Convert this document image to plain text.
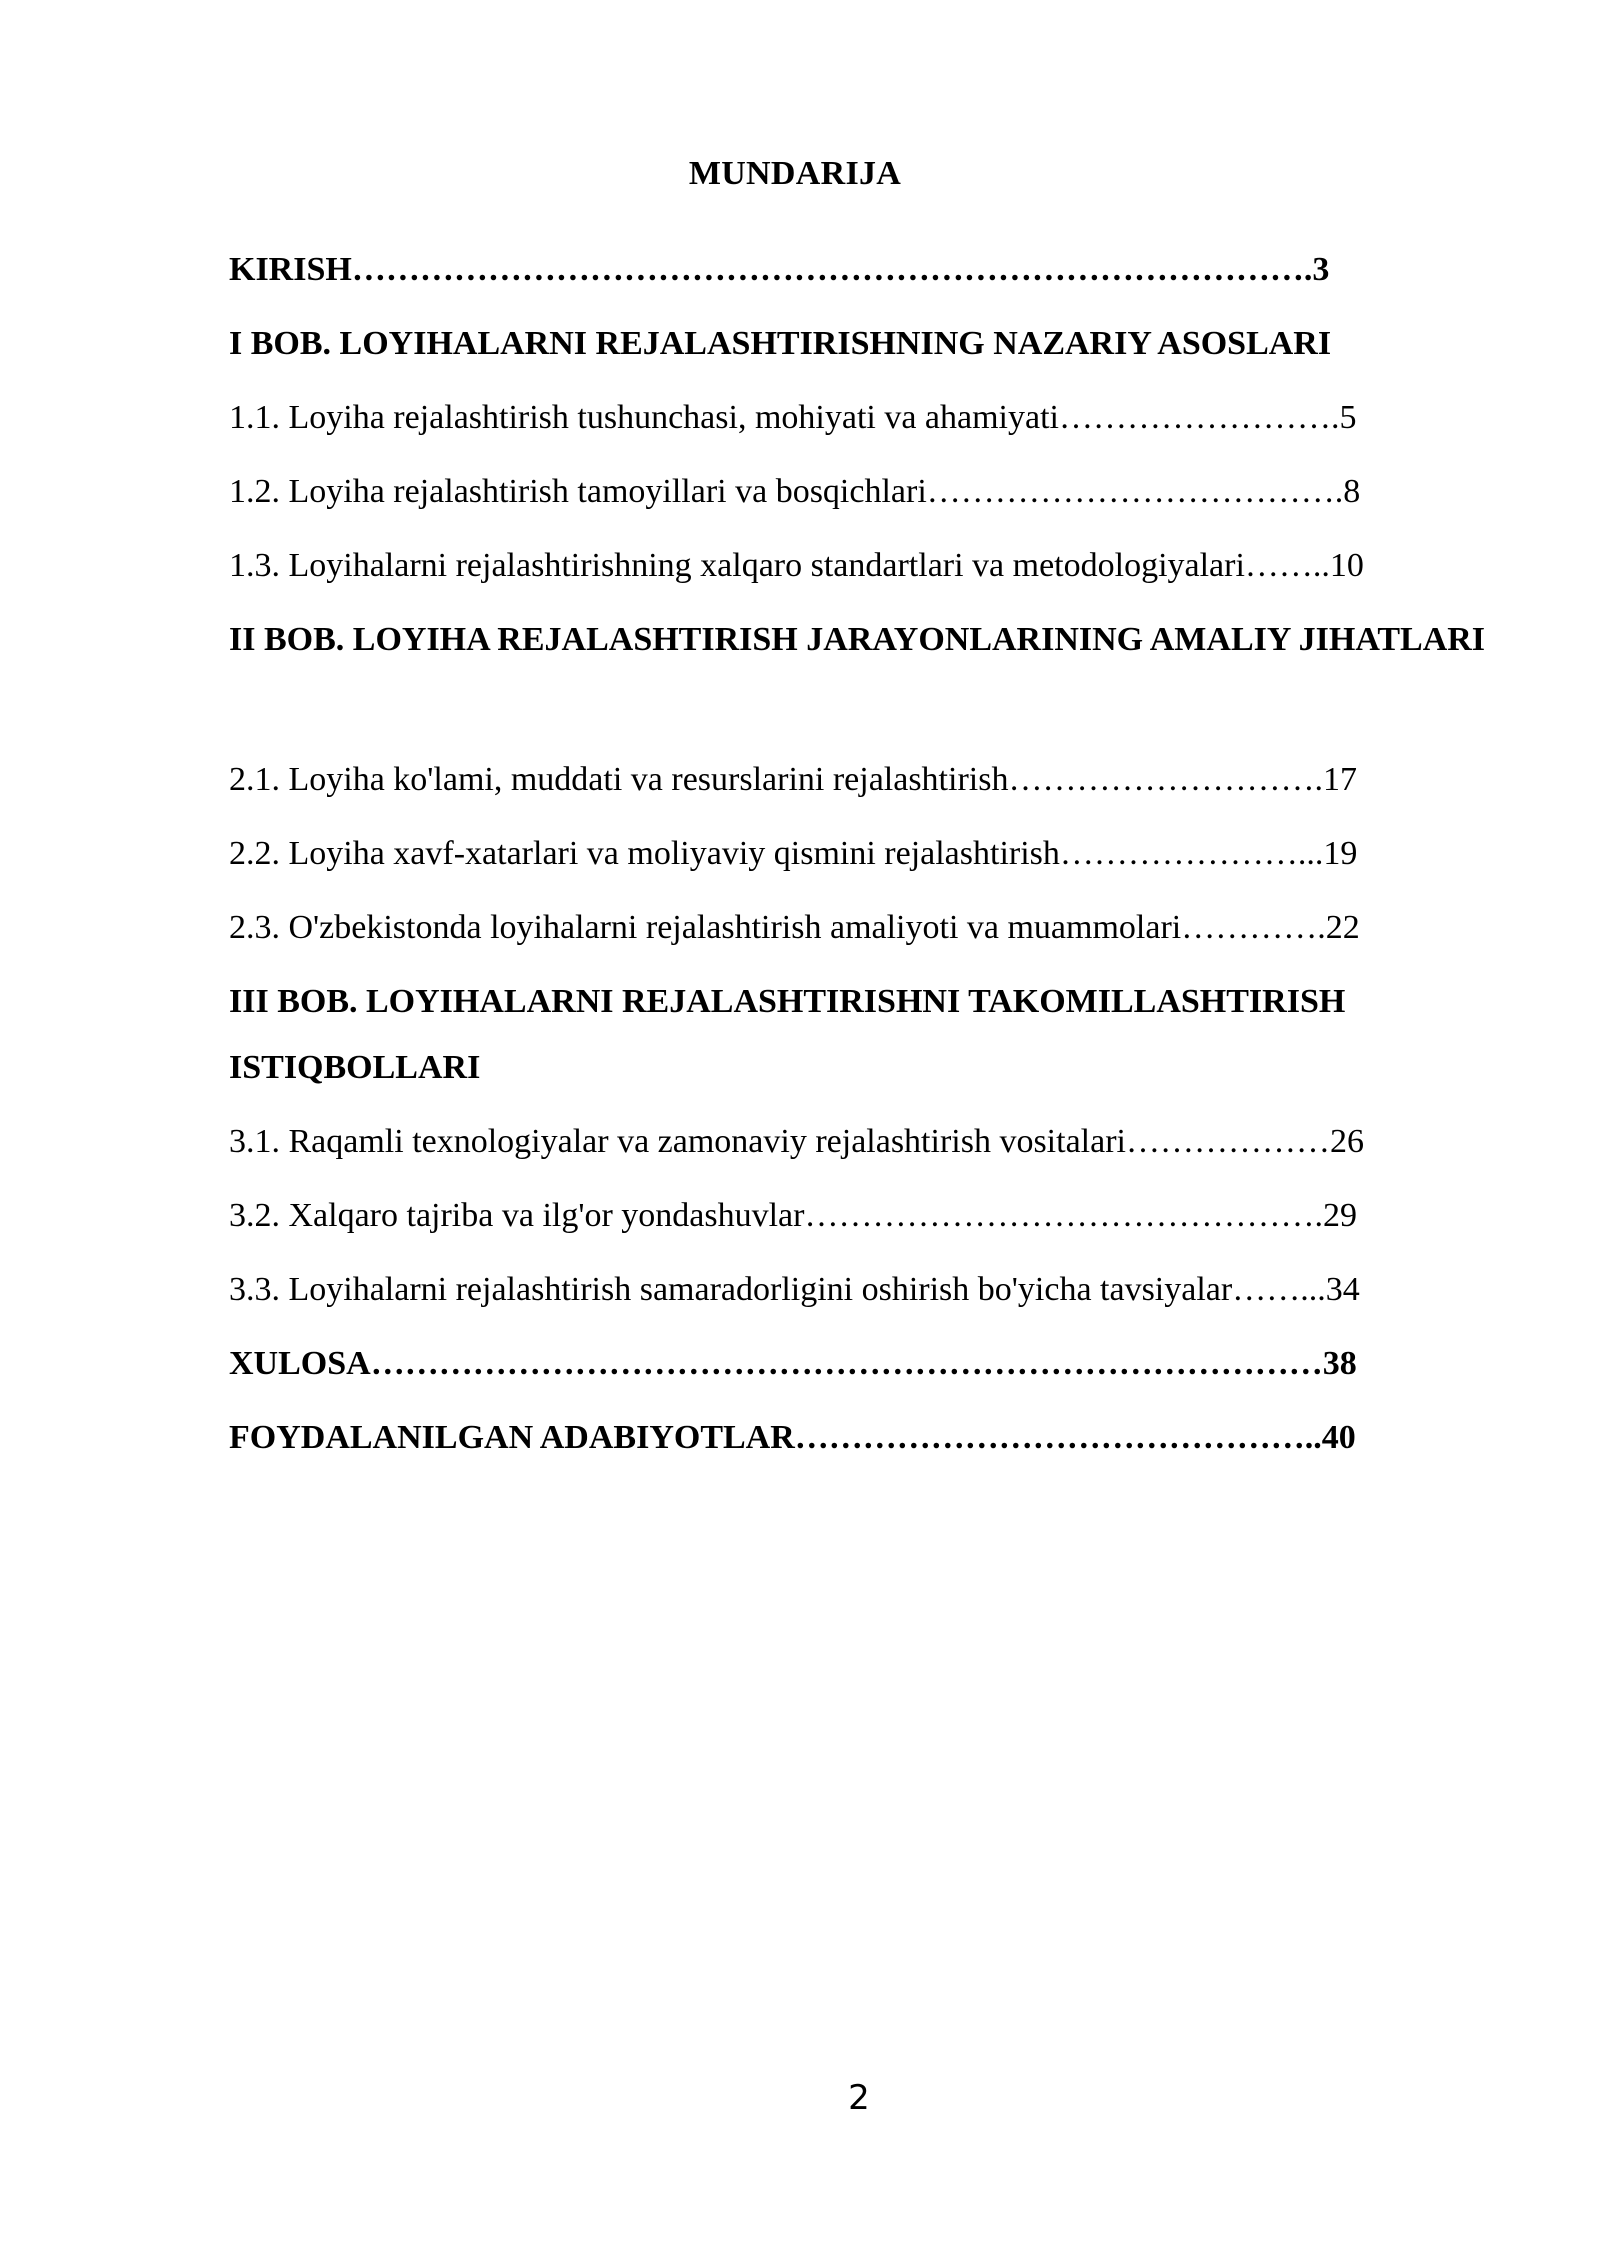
MUNDARIJA
KIRISH………………………………………………………………………….3
I BOB. LOYIHALARNI REJALASHTIRISHNING NAZARIY ASOSLARI
1.1. Loyiha rejalashtirish tushunchasi, mohiyati va ahamiyati…………………….5
1.2. Loyiha rejalashtirish tamoyillari va bosqichlari……………………………….8
1.3. Loyihalarni rejalashtirishning xalqaro standartlari va metodologiyalari……..10
II BOB. LOYIHA REJALASHTIRISH JARAYONLARINING AMALIY JIHATLARI
2.1. Loyiha ko'lami, muddati va resurslarini rejalashtirish……………………….17
2.2. Loyiha xavf-xatarlari va moliyaviy qismini rejalashtirish…………………...19
2.3. O'zbekistonda loyihalarni rejalashtirish amaliyoti va muammolari………….22
III BOB. LOYIHALARNI REJALASHTIRISHNI TAKOMILLASHTIRISH ISTIQBOLLARI
3.1. Raqamli texnologiyalar va zamonaviy rejalashtirish vositalari………………26
3.2. Xalqaro tajriba va ilg'or yondashuvlar……………………………………….29
3.3. Loyihalarni rejalashtirish samaradorligini oshirish bo'yicha tavsiyalar……...34
XULOSA…………………………………………………………………………38
FOYDALANILGAN ADABIYOTLAR………………………………………..40
2
